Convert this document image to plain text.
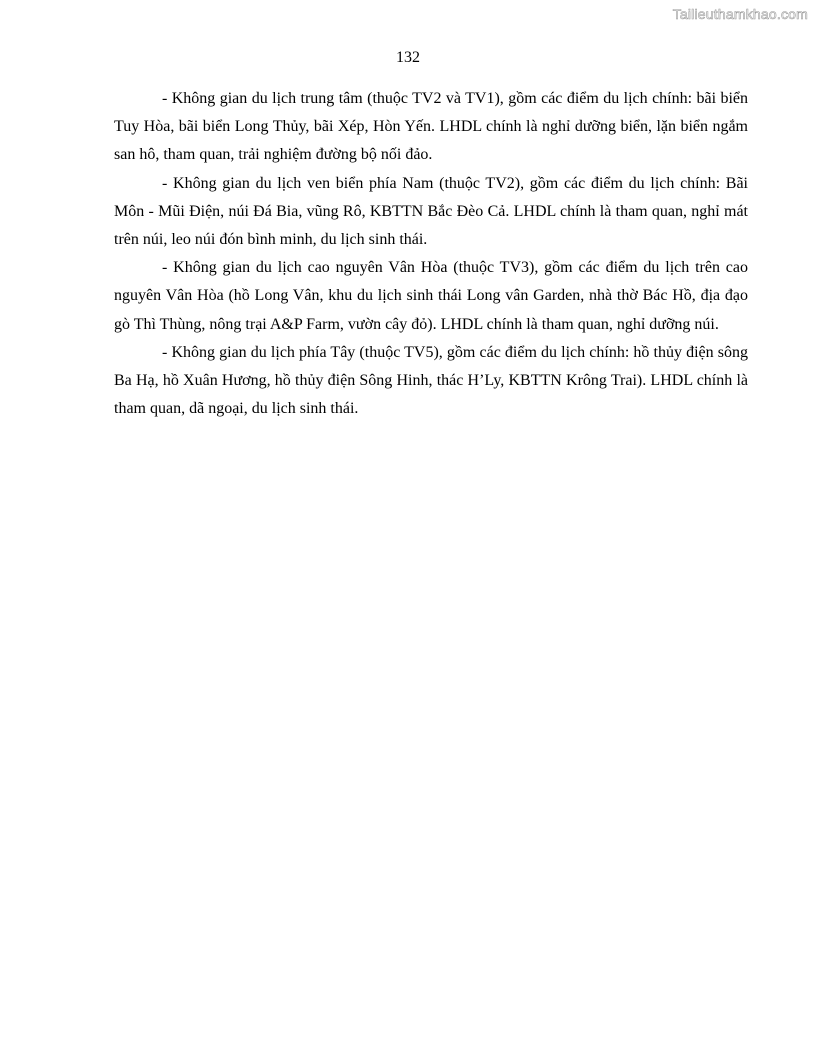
Tailieuthamkhao.com
132

- Không gian du lịch trung tâm (thuộc TV2 và TV1), gồm các điểm du lịch chính: bãi biển Tuy Hòa, bãi biển Long Thủy, bãi Xép, Hòn Yến. LHDL chính là nghỉ dưỡng biển, lặn biển ngắm san hô, tham quan, trải nghiệm đường bộ nối đảo.

- Không gian du lịch ven biển phía Nam (thuộc TV2), gồm các điểm du lịch chính: Bãi Môn - Mũi Điện, núi Đá Bia, vũng Rô, KBTTN Bắc Đèo Cả. LHDL chính là tham quan, nghỉ mát trên núi, leo núi đón bình minh, du lịch sinh thái.

- Không gian du lịch cao nguyên Vân Hòa (thuộc TV3), gồm các điểm du lịch trên cao nguyên Vân Hòa (hồ Long Vân, khu du lịch sinh thái Long vân Garden, nhà thờ Bác Hồ, địa đạo gò Thì Thùng, nông trại A&P Farm, vườn cây đỏ). LHDL chính là tham quan, nghỉ dưỡng núi.

- Không gian du lịch phía Tây (thuộc TV5), gồm các điểm du lịch chính: hồ thủy điện sông Ba Hạ, hồ Xuân Hương, hồ thủy điện Sông Hinh, thác H’Ly, KBTTN Krông Trai). LHDL chính là tham quan, dã ngoại, du lịch sinh thái.
